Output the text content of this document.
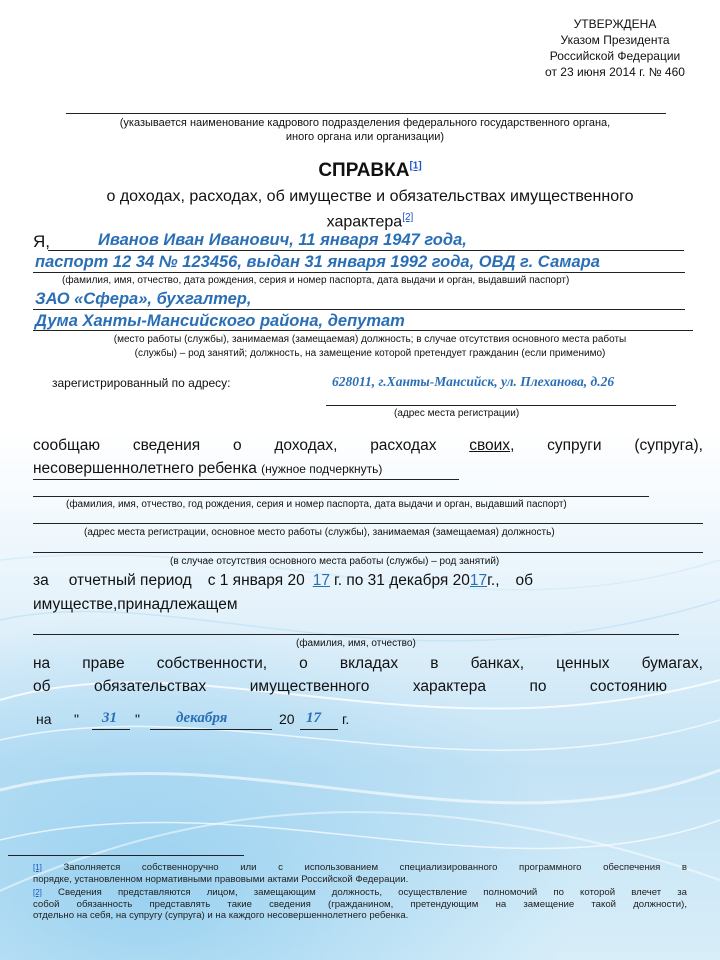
УТВЕРЖДЕНА
Указом Президента
Российской Федерации
от 23 июня 2014 г. № 460
(указывается наименование кадрового подразделения федерального государственного органа,
иного органа или организации)
СПРАВКА[1]
о доходах, расходах, об имуществе и обязательствах имущественного
характера[2]
Я,	Иванов Иван Иванович, 11 января 1947 года,
паспорт 12 34 № 123456, выдан 31 января 1992 года, ОВД г. Самара
(фамилия, имя, отчество, дата рождения, серия и номер паспорта, дата выдачи и орган, выдавший паспорт)
ЗАО «Сфера», бухгалтер,
Дума Ханты-Мансийского района, депутат
(место работы (службы), занимаемая (замещаемая) должность; в случае отсутствия основного места работы
(службы) – род занятий; должность, на замещение которой претендует гражданин (если применимо)
зарегистрированный по адресу:	628011, г.Ханты-Мансийск, ул. Плеханова, д.26
(адрес места регистрации)
сообщаю сведения о доходах, расходах своих, супруги (супруга),
несовершеннолетнего ребенка (нужное подчеркнуть)
(фамилия, имя, отчество, год рождения, серия и номер паспорта, дата выдачи и орган, выдавший паспорт)
(адрес места регистрации, основное место работы (службы), занимаемая (замещаемая) должность)
(в случае отсутствия основного места работы (службы) – род занятий)
за отчетный период с 1 января 20 17 г. по 31 декабря 2017г., об
имуществе,принадлежащем
(фамилия, имя, отчество)
на праве собственности, о вкладах в банках, ценных бумагах,
об	обязательствах	имущественного	характера	по	состоянию
на " 31 " декабря	20 17 г.
[1] Заполняется собственноручно или с использованием специализированного программного обеспечения в
порядке, установленном нормативными правовыми актами Российской Федерации.
[2] Сведения представляются лицом, замещающим должность, осуществление полномочий по которой влечет за
собой обязанность представлять такие сведения (гражданином, претендующим на замещение такой должности),
отдельно на себя, на супругу (супруга) и на каждого несовершеннолетнего ребенка.
